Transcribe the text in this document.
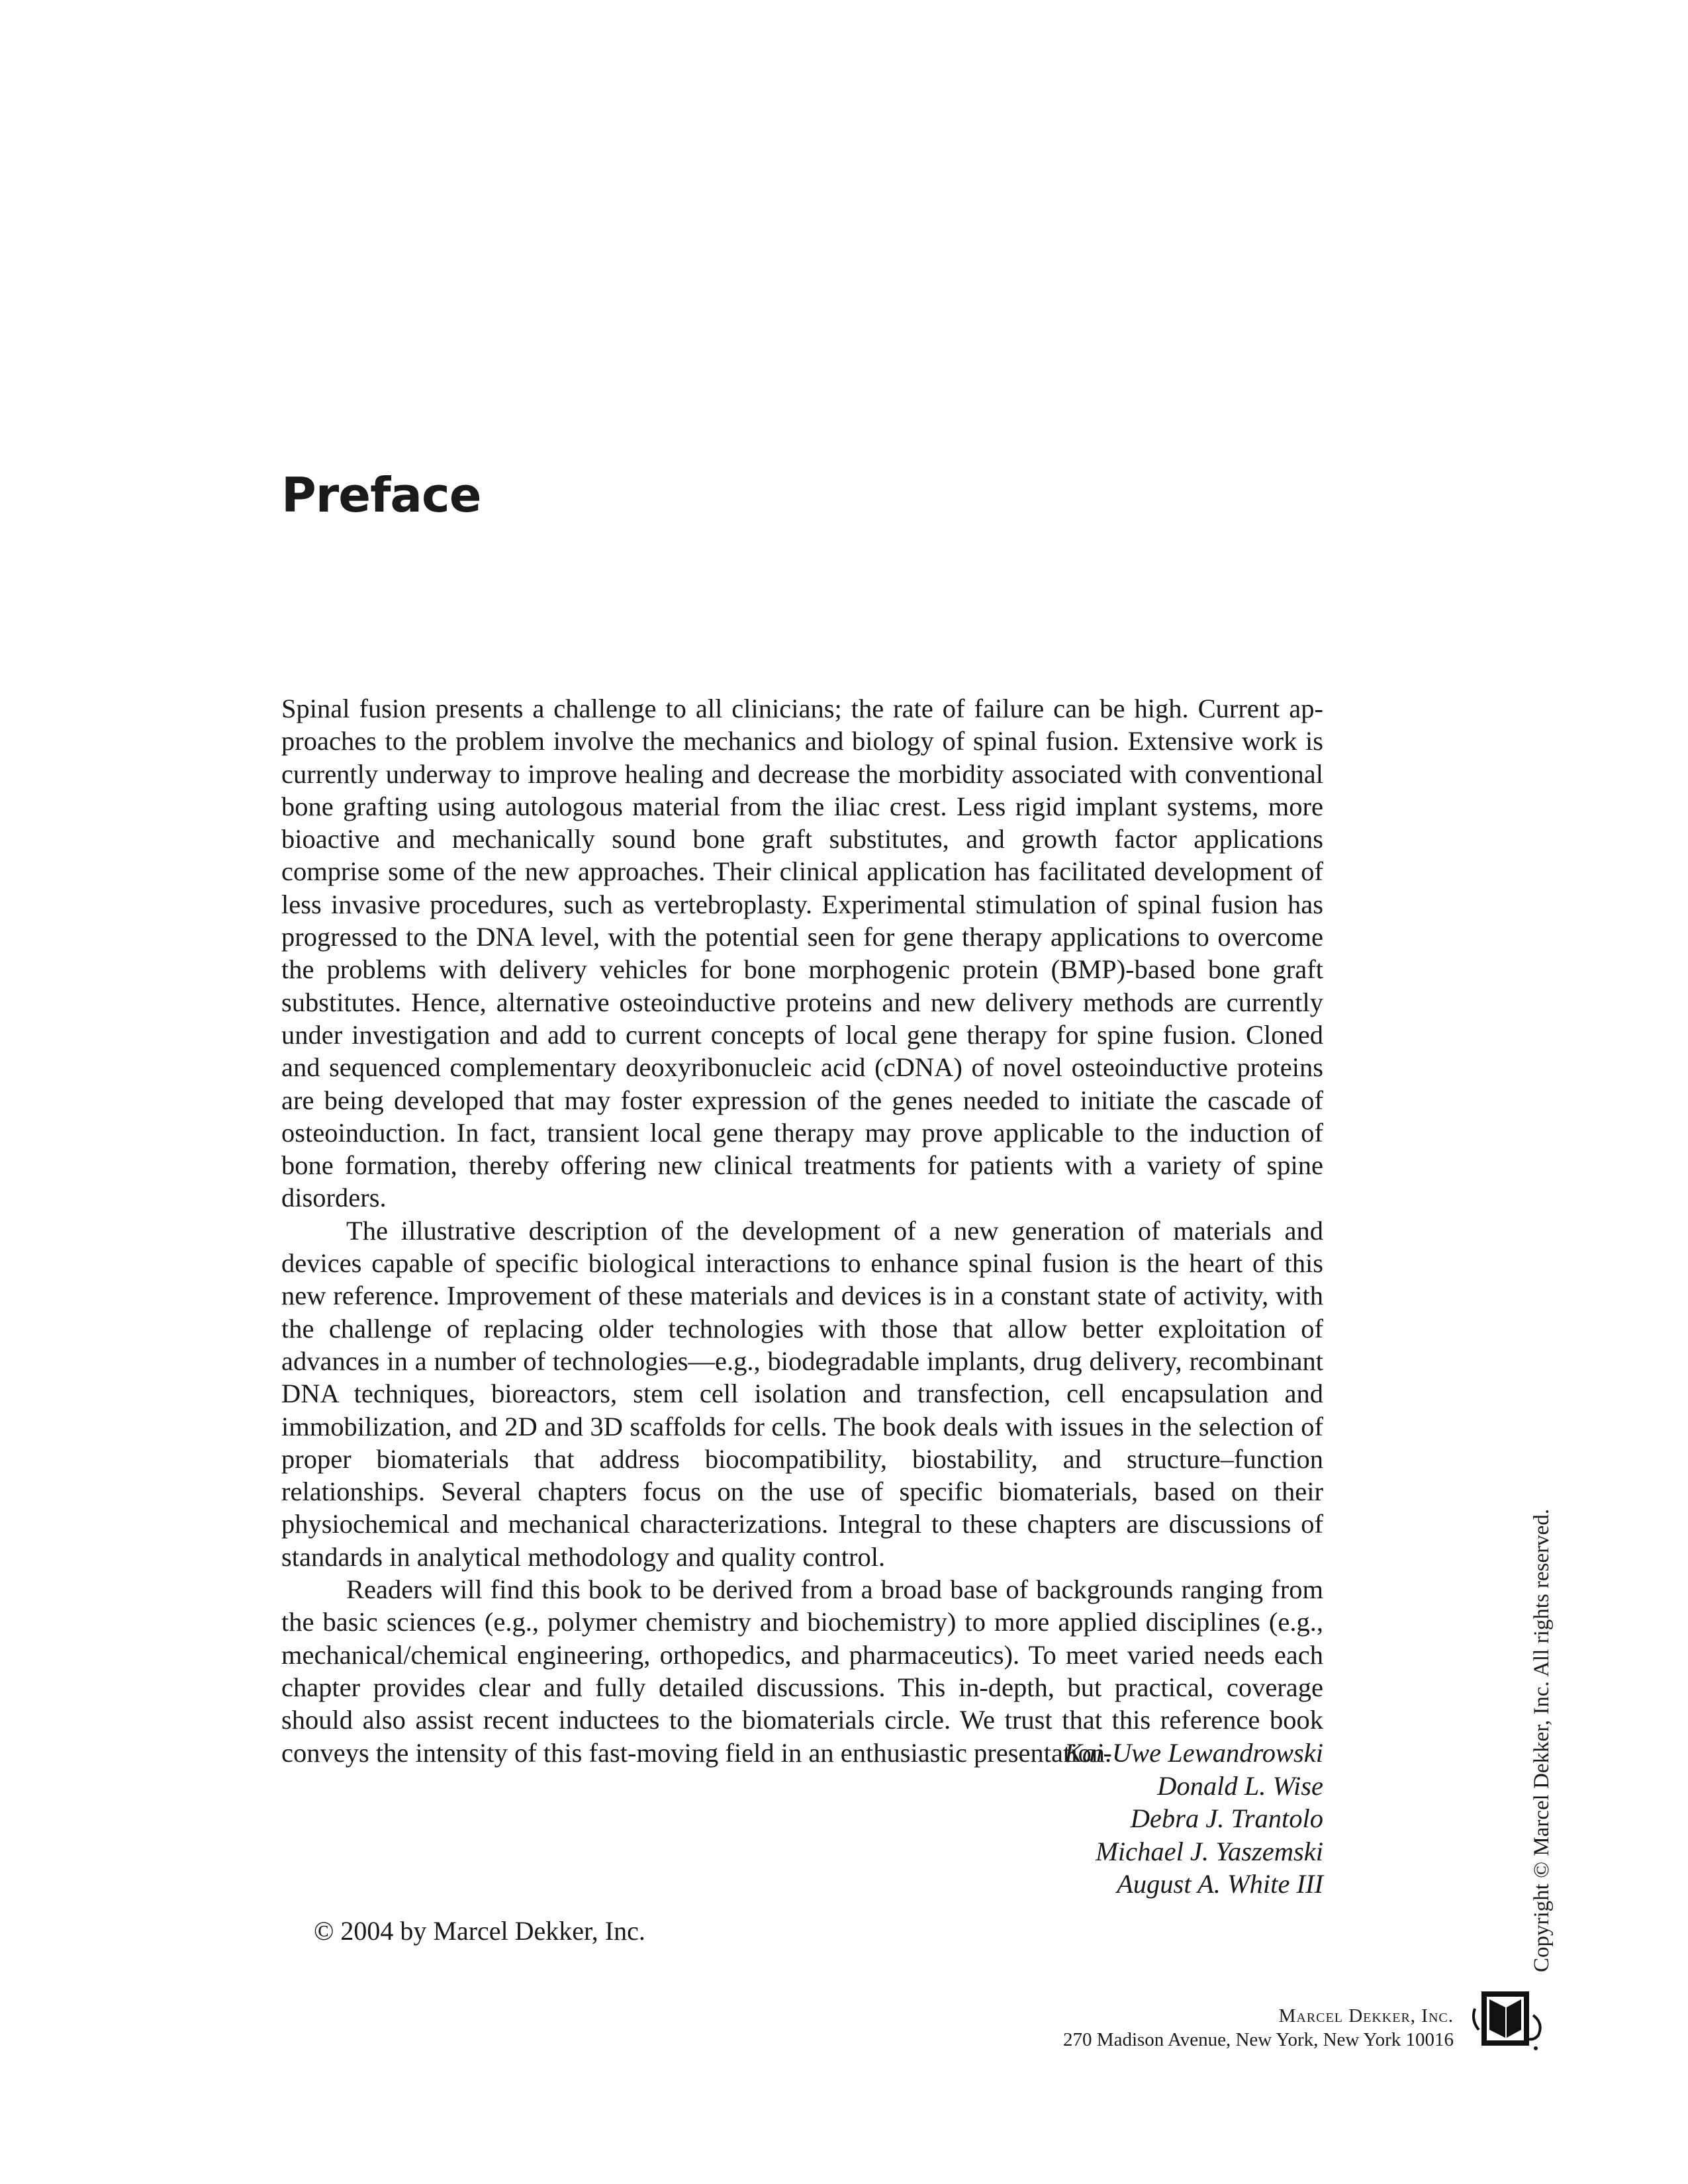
Preface

Spinal fusion presents a challenge to all clinicians; the rate of failure can be high. Current approaches to the problem involve the mechanics and biology of spinal fusion. Extensive work is currently underway to improve healing and decrease the morbidity associated with conventional bone grafting using autologous material from the iliac crest. Less rigid implant systems, more bioactive and mechanically sound bone graft substitutes, and growth factor applications comprise some of the new approaches. Their clinical application has facilitated development of less invasive procedures, such as vertebroplasty. Experimental stimulation of spinal fusion has progressed to the DNA level, with the potential seen for gene therapy applications to overcome the problems with delivery vehicles for bone morphogenic protein (BMP)-based bone graft substitutes. Hence, alternative osteoinductive proteins and new delivery methods are currently under investigation and add to current concepts of local gene therapy for spine fusion. Cloned and sequenced complementary deoxyribonucleic acid (cDNA) of novel osteoinductive proteins are being developed that may foster expression of the genes needed to initiate the cascade of osteoinduction. In fact, transient local gene therapy may prove applicable to the induction of bone formation, thereby offering new clinical treatments for patients with a variety of spine disorders.

The illustrative description of the development of a new generation of materials and devices capable of specific biological interactions to enhance spinal fusion is the heart of this new reference. Improvement of these materials and devices is in a constant state of activity, with the challenge of replacing older technologies with those that allow better exploitation of advances in a number of technologies—e.g., biodegradable implants, drug delivery, recombinant DNA techniques, bioreactors, stem cell isolation and transfection, cell encapsulation and immobilization, and 2D and 3D scaffolds for cells. The book deals with issues in the selection of proper biomaterials that address biocompatibility, biostability, and structure–function relationships. Several chapters focus on the use of specific biomaterials, based on their physiochemical and mechanical characterizations. Integral to these chapters are discussions of standards in analytical methodology and quality control.

Readers will find this book to be derived from a broad base of backgrounds ranging from the basic sciences (e.g., polymer chemistry and biochemistry) to more applied disciplines (e.g., mechanical/chemical engineering, orthopedics, and pharmaceutics). To meet varied needs each chapter provides clear and fully detailed discussions. This in-depth, but practical, coverage should also assist recent inductees to the biomaterials circle. We trust that this reference book conveys the intensity of this fast-moving field in an enthusiastic presentation.

Kai-Uwe Lewandrowski
Donald L. Wise
Debra J. Trantolo
Michael J. Yaszemski
August A. White III
© 2004 by Marcel Dekker, Inc.	Copyright © Marcel Dekker, Inc. All rights reserved.
Marcel Dekker, Inc.
270 Madison Avenue, New York, New York 10016
